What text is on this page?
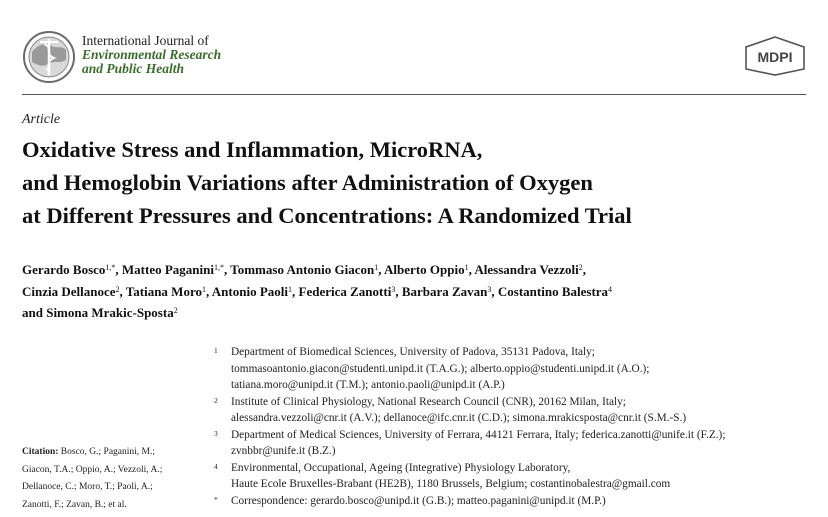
International Journal of
Environmental Research
and Public Health
MDPI
Article
Oxidative Stress and Inflammation, MicroRNA,
and Hemoglobin Variations after Administration of Oxygen
at Different Pressures and Concentrations: A Randomized Trial
Gerardo Bosco$^{1,*}$, Matteo Paganini$^{1,*}$, Tommaso Antonio Giacon$^1$, Alberto Oppio$^1$, Alessandra Vezzoli$^2$,
Cinzia Dellanoce$^2$, Tatiana Moro$^1$, Antonio Paoli$^1$, Federica Zanotti$^3$, Barbara Zavan$^3$, Costantino Balestra$^4$
and Simona Mrakic-Sposta$^2$
1 Department of Biomedical Sciences, University of Padova, 35131 Padova, Italy;
tommasoantonio.giacon@studenti.unipd.it (T.A.G.); alberto.oppio@studenti.unipd.it (A.O.);
tatiana.moro@unipd.it (T.M.); antonio.paoli@unipd.it (A.P.)
2 Institute of Clinical Physiology, National Research Council (CNR), 20162 Milan, Italy;
alessandra.vezzoli@cnr.it (A.V.); dellanoce@ifc.cnr.it (C.D.); simona.mrakicsposta@cnr.it (S.M.-S.)
3 Department of Medical Sciences, University of Ferrara, 44121 Ferrara, Italy; federica.zanotti@unife.it (F.Z.);
zvnbbr@unife.it (B.Z.)
4 Environmental, Occupational, Ageing (Integrative) Physiology Laboratory,
Haute Ecole Bruxelles-Brabant (HE2B), 1180 Brussels, Belgium; costantinobalestra@gmail.com
* Correspondence: gerardo.bosco@unipd.it (G.B.); matteo.paganini@unipd.it (M.P.)
Citation: Bosco, G.; Paganini, M.;
Giacon, T.A.; Oppio, A.; Vezzoli, A.;
Dellanoce, C.; Moro, T.; Paoli, A.;
Zanotti, F.; Zavan, B.; et al.
